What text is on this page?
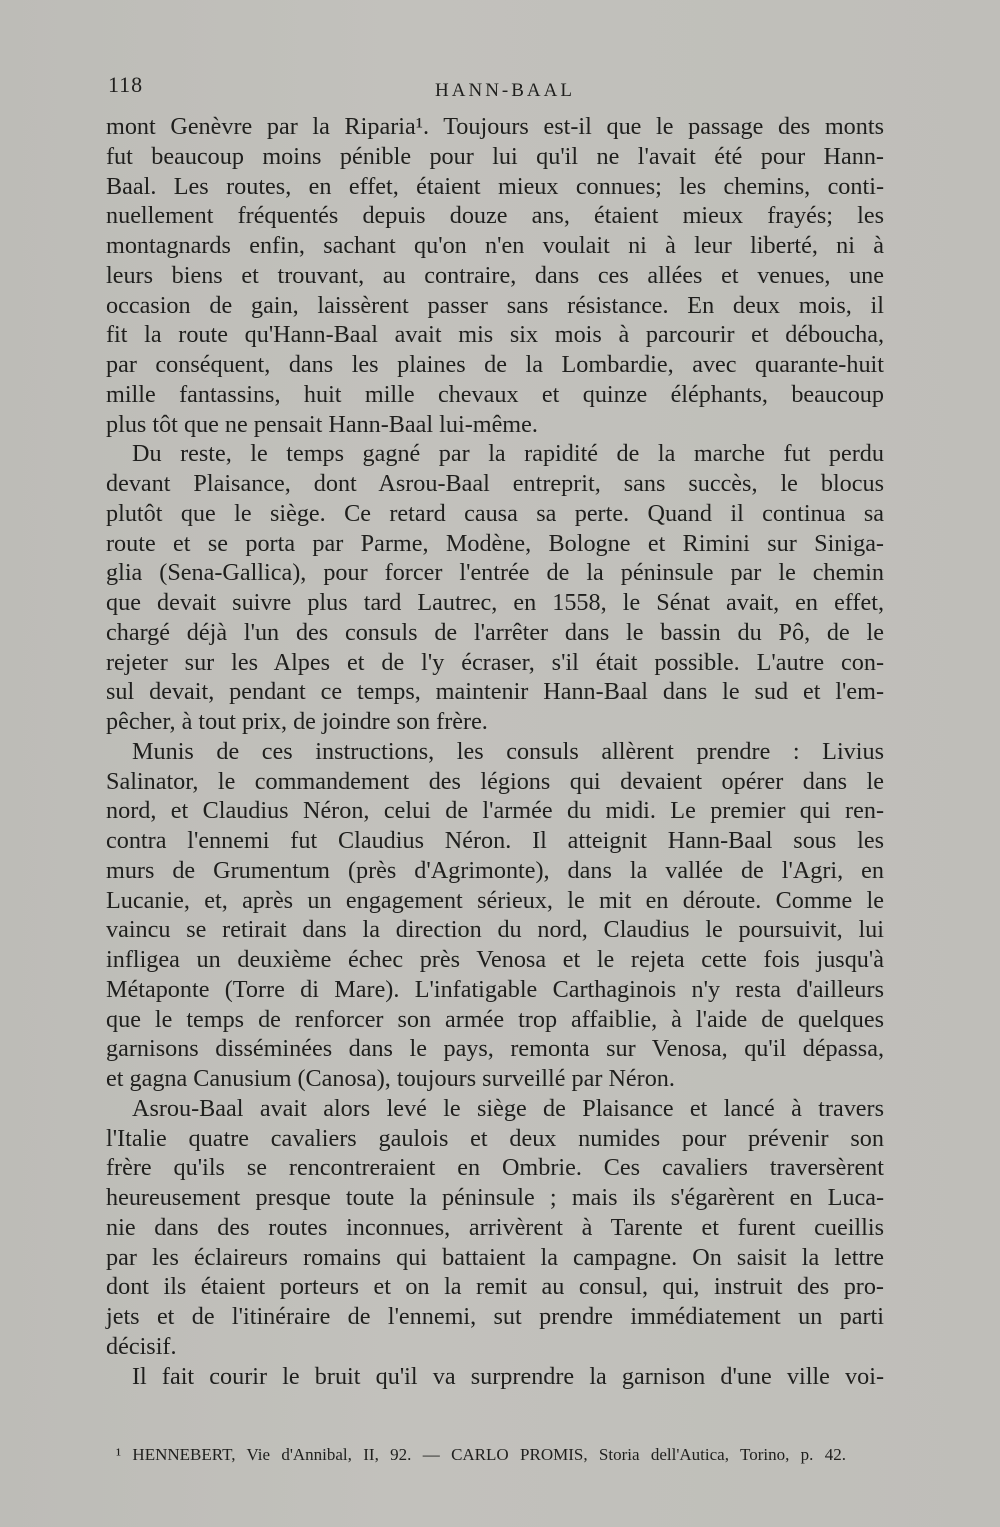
118	HANN-BAAL
mont Genèvre par la Riparia¹. Toujours est-il que le passage des monts
fut beaucoup moins pénible pour lui qu'il ne l'avait été pour Hann-
Baal. Les routes, en effet, étaient mieux connues; les chemins, conti-
nuellement fréquentés depuis douze ans, étaient mieux frayés; les
montagnards enfin, sachant qu'on n'en voulait ni à leur liberté, ni à
leurs biens et trouvant, au contraire, dans ces allées et venues, une
occasion de gain, laissèrent passer sans résistance. En deux mois, il
fit la route qu'Hann-Baal avait mis six mois à parcourir et déboucha,
par conséquent, dans les plaines de la Lombardie, avec quarante-huit
mille fantassins, huit mille chevaux et quinze éléphants, beaucoup
plus tôt que ne pensait Hann-Baal lui-même.
Du reste, le temps gagné par la rapidité de la marche fut perdu
devant Plaisance, dont Asrou-Baal entreprit, sans succès, le blocus
plutôt que le siège. Ce retard causa sa perte. Quand il continua sa
route et se porta par Parme, Modène, Bologne et Rimini sur Siniga-
glia (Sena-Gallica), pour forcer l'entrée de la péninsule par le chemin
que devait suivre plus tard Lautrec, en 1558, le Sénat avait, en effet,
chargé déjà l'un des consuls de l'arrêter dans le bassin du Pô, de le
rejeter sur les Alpes et de l'y écraser, s'il était possible. L'autre con-
sul devait, pendant ce temps, maintenir Hann-Baal dans le sud et l'em-
pêcher, à tout prix, de joindre son frère.
Munis de ces instructions, les consuls allèrent prendre : Livius
Salinator, le commandement des légions qui devaient opérer dans le
nord, et Claudius Néron, celui de l'armée du midi. Le premier qui ren-
contra l'ennemi fut Claudius Néron. Il atteignit Hann-Baal sous les
murs de Grumentum (près d'Agrimonte), dans la vallée de l'Agri, en
Lucanie, et, après un engagement sérieux, le mit en déroute. Comme le
vaincu se retirait dans la direction du nord, Claudius le poursuivit, lui
infligea un deuxième échec près Venosa et le rejeta cette fois jusqu'à
Métaponte (Torre di Mare). L'infatigable Carthaginois n'y resta d'ailleurs
que le temps de renforcer son armée trop affaiblie, à l'aide de quelques
garnisons disséminées dans le pays, remonta sur Venosa, qu'il dépassa,
et gagna Canusium (Canosa), toujours surveillé par Néron.
Asrou-Baal avait alors levé le siège de Plaisance et lancé à travers
l'Italie quatre cavaliers gaulois et deux numides pour prévenir son
frère qu'ils se rencontreraient en Ombrie. Ces cavaliers traversèrent
heureusement presque toute la péninsule ; mais ils s'égarèrent en Luca-
nie dans des routes inconnues, arrivèrent à Tarente et furent cueillis
par les éclaireurs romains qui battaient la campagne. On saisit la lettre
dont ils étaient porteurs et on la remit au consul, qui, instruit des pro-
jets et de l'itinéraire de l'ennemi, sut prendre immédiatement un parti
décisif.
Il fait courir le bruit qu'il va surprendre la garnison d'une ville voi-
¹ HENNEBERT, Vie d'Annibal, II, 92. — CARLO PROMIS, Storia dell'Autica, Torino, p. 42.
